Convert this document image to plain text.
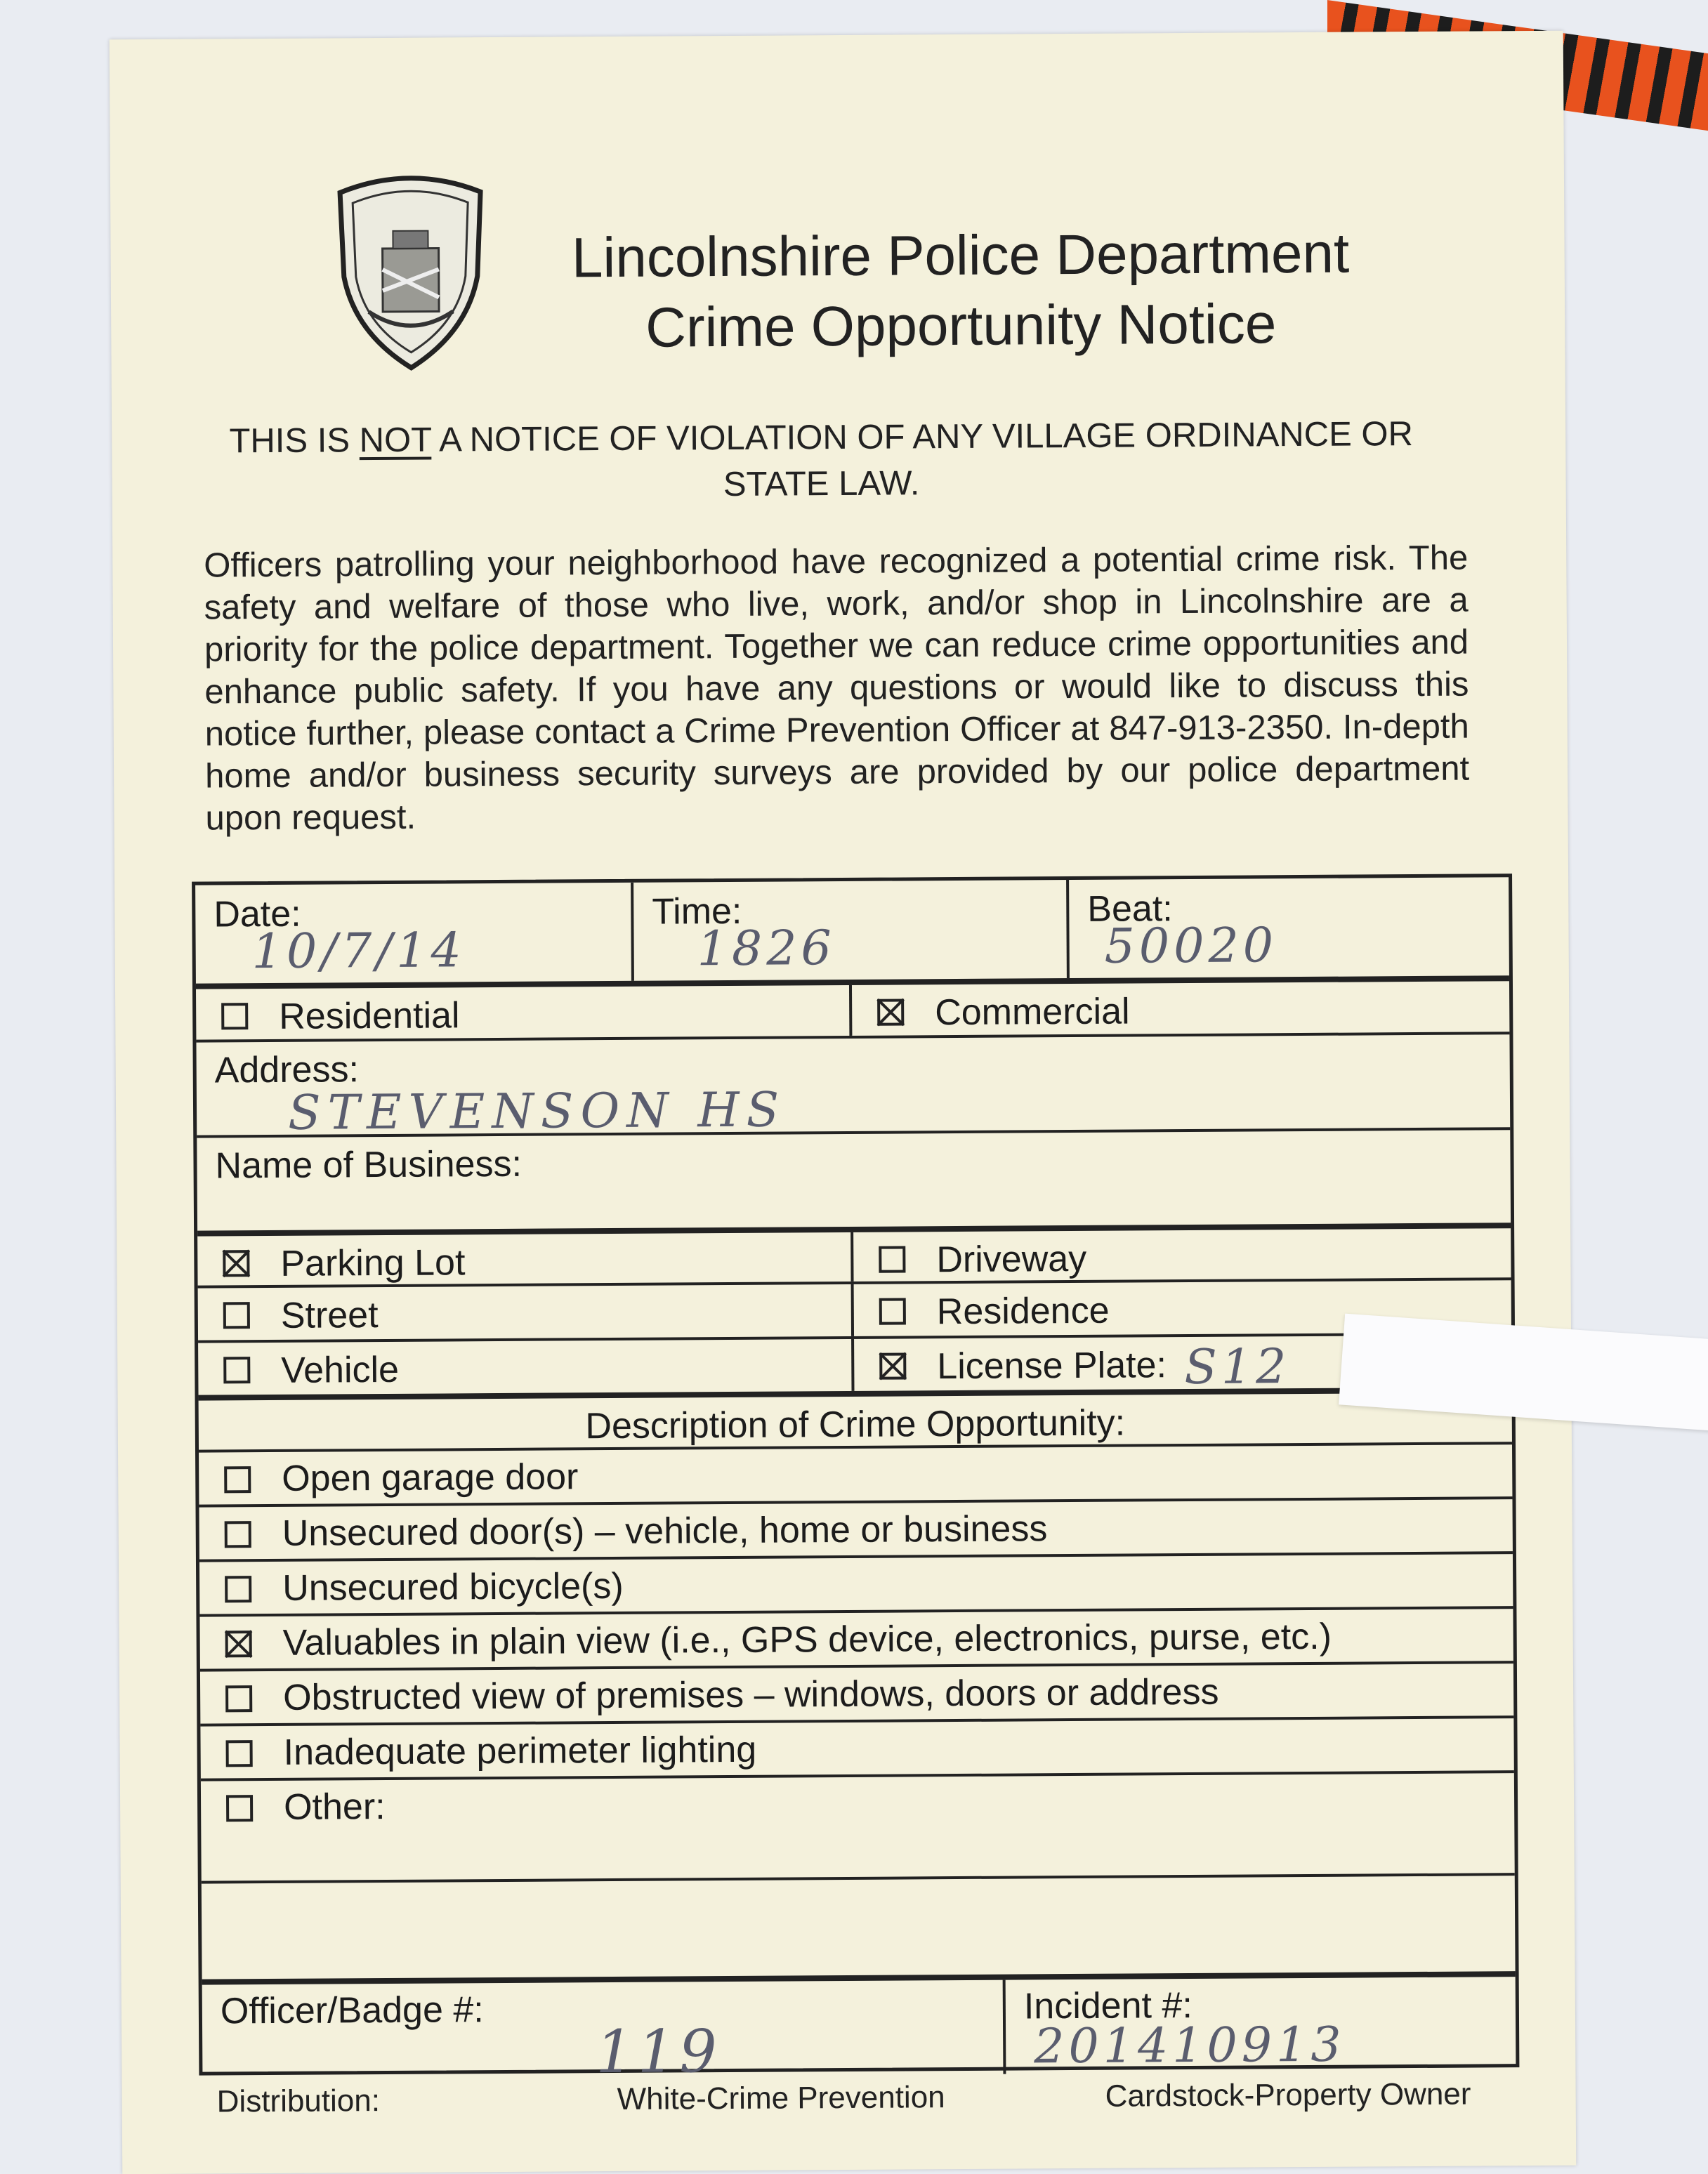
Lincolnshire Police Department
Crime Opportunity Notice
THIS IS NOT A NOTICE OF VIOLATION OF ANY VILLAGE ORDINANCE OR STATE LAW.
Officers patrolling your neighborhood have recognized a potential crime risk. The safety and welfare of those who live, work, and/or shop in Lincolnshire are a priority for the police department. Together we can reduce crime opportunities and enhance public safety. If you have any questions or would like to discuss this notice further, please contact a Crime Prevention Officer at 847-913-2350. In-depth home and/or business security surveys are provided by our police department upon request.
Date:
10/7/14
Time:
1826
Beat:
50020
Residential	Commercial
Address:
STEVENSON HS
Name of Business:
Parking Lot	Driveway
Street	Residence
Vehicle	License Plate: S12
Description of Crime Opportunity:
Open garage door
Unsecured door(s) – vehicle, home or business
Unsecured bicycle(s)
Valuables in plain view (i.e., GPS device, electronics, purse, etc.)
Obstructed view of premises – windows, doors or address
Inadequate perimeter lighting
Other:
Officer/Badge #:
119
Incident #:
201410913
Distribution:	White-Crime Prevention	Cardstock-Property Owner
